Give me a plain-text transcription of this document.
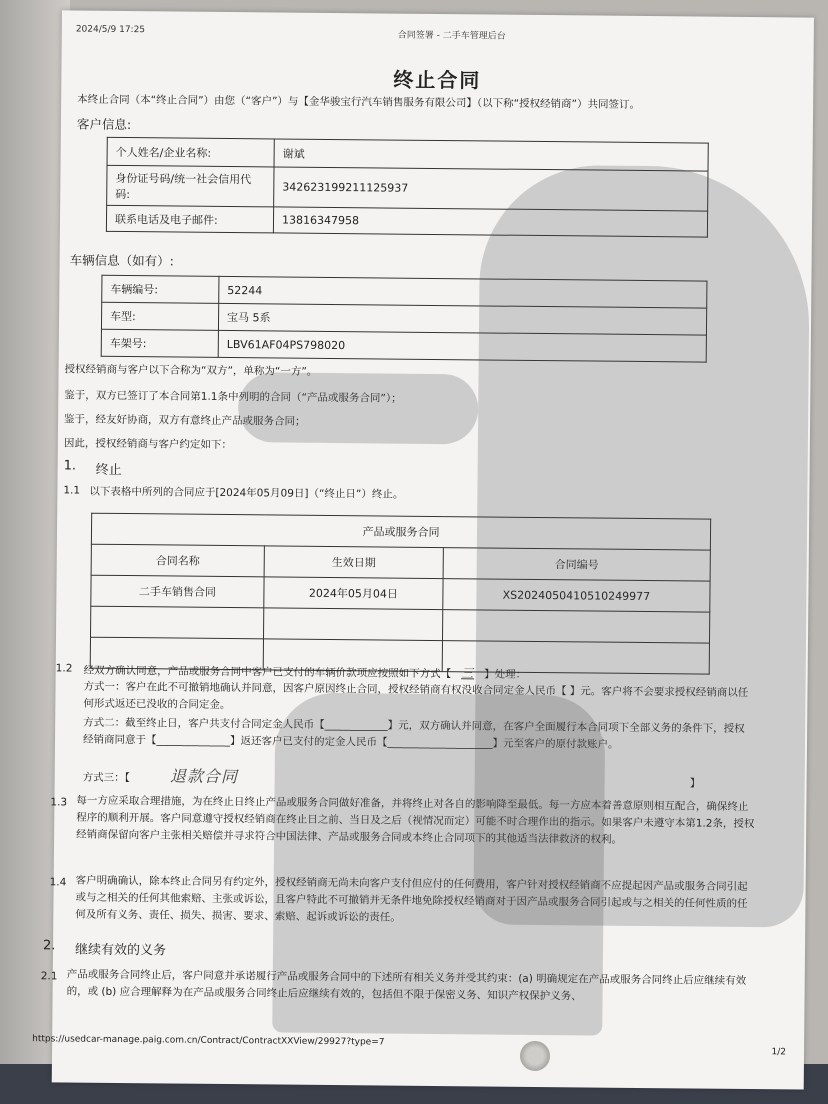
2024/5/9 17:25
合同签署 - 二手车管理后台
终止合同
本终止合同（本“终止合同”）由您（“客户”）与【金华骏宝行汽车销售服务有限公司】（以下称“授权经销商”）共同签订。
客户信息:
个人姓名/企业名称:	谢斌
身份证号码/统一社会信用代码:	342623199211125937
联系电话及电子邮件:	13816347958
车辆信息（如有）:
车辆编号:	52244
车型:	宝马 5系
车架号:	LBV61AF04PS798020
授权经销商与客户以下合称为“双方”，单称为“一方”。
鉴于，双方已签订了本合同第1.1条中列明的合同（“产品或服务合同”）；
鉴于，经友好协商，双方有意终止产品或服务合同；
因此，授权经销商与客户约定如下：
1. 终止
1.1 以下表格中所列的合同应于[2024年05月09日]（“终止日”）终止。
产品或服务合同		
合同名称	生效日期	合同编号
二手车销售合同	2024年05月04日	XS2024050410510249977

1.2 经双方确认同意，产品或服务合同中客户已支付的车辆价款项应按照如下方式【 三 】处理：
方式一：客户在此不可撤销地确认并同意，因客户原因终止合同，授权经销商有权没收合同定金人民币【 】元。客户将不会要求授权经销商以任何形式返还已没收的合同定金。
方式二：截至终止日，客户共支付合同定金人民币【____________】元，双方确认并同意，在客户全面履行本合同项下全部义务的条件下，授权经销商同意于【______________】返还客户已支付的定金人民币【____________________】元至客户的原付款账户。
方式三：【 退款合同	】
1.3 每一方应采取合理措施，为在终止日终止产品或服务合同做好准备，并将终止对各自的影响降至最低。每一方应本着善意原则相互配合，确保终止程序的顺利开展。客户同意遵守授权经销商在终止日之前、当日及之后（视情况而定）可能不时合理作出的指示。如果客户未遵守本第1.2条，授权经销商保留向客户主张相关赔偿并寻求符合中国法律、产品或服务合同或本终止合同项下的其他适当法律救济的权利。
1.4 客户明确确认，除本终止合同另有约定外，授权经销商无尚未向客户支付但应付的任何费用，客户针对授权经销商不应提起因产品或服务合同引起或与之相关的任何其他索赔、主张或诉讼，且客户特此不可撤销并无条件地免除授权经销商对于因产品或服务合同引起或与之相关的任何性质的任何及所有义务、责任、损失、损害、要求、索赔、起诉或诉讼的责任。
2. 继续有效的义务
2.1 产品或服务合同终止后，客户同意并承诺履行产品或服务合同中的下述所有相关义务并受其约束：(a) 明确规定在产品或服务合同终止后应继续有效的，或 (b) 应合理解释为在产品或服务合同终止后应继续有效的，包括但不限于保密义务、知识产权保护义务、
https://usedcar-manage.paig.com.cn/Contract/ContractXXView/29927?type=7
1/2
